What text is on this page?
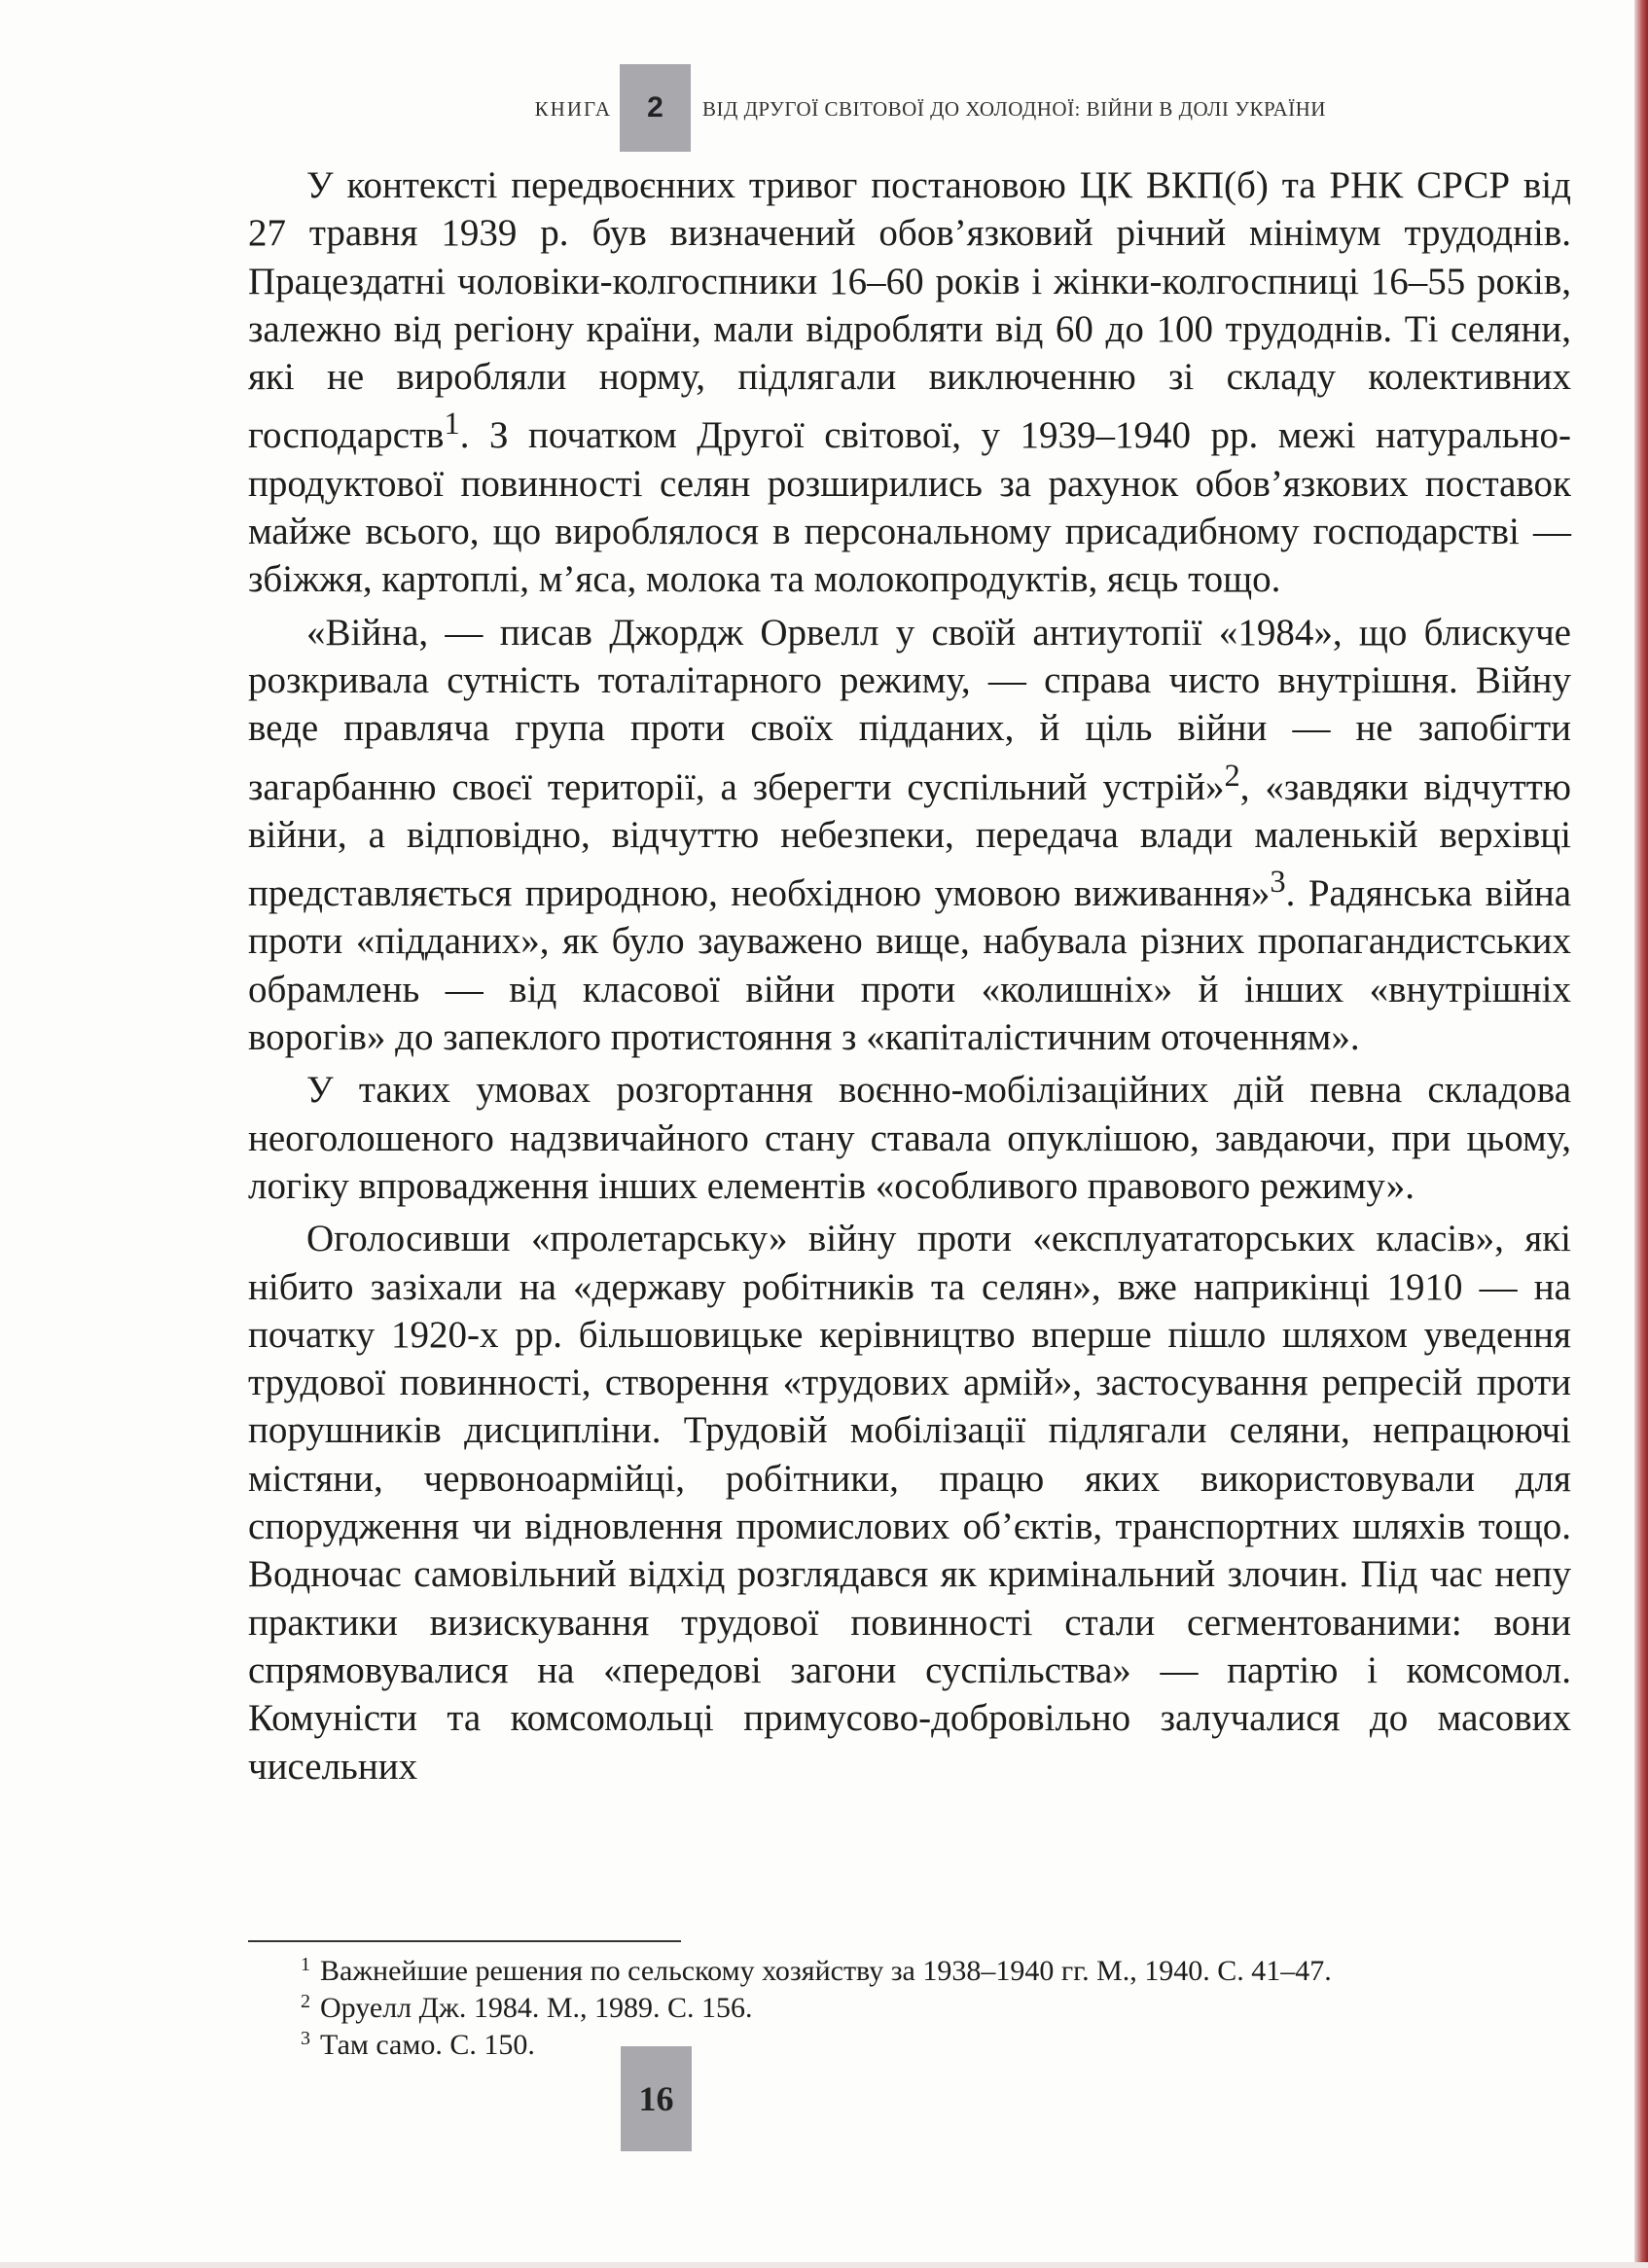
КНИГА	2	ВІД ДРУГОЇ СВІТОВОЇ ДО ХОЛОДНОЇ: ВІЙНИ В ДОЛІ УКРАЇНИ

У контексті передвоєнних тривог постановою ЦК ВКП(б) та РНК СРСР від 27 травня 1939 р. був визначений обов’язковий річний мінімум трудоднів. Працездатні чоловіки-колгоспники 16–60 років і жінки-колгоспниці 16–55 років, залежно від регіону країни, мали відробляти від 60 до 100 трудоднів. Ті селяни, які не виробляли норму, підлягали виключенню зі складу колективних господарств$^1$. З початком Другої світової, у 1939–1940 рр. межі натурально-продуктової повинності селян розширились за рахунок обов’язкових поставок майже всього, що вироблялося в персональному присадибному господарстві — збіжжя, картоплі, м’яса, молока та молокопродуктів, яєць тощо.

«Війна, — писав Джордж Орвелл у своїй антиутопії «1984», що блискуче розкривала сутність тоталітарного режиму, — справа чисто внутрішня. Війну веде правляча група проти своїх підданих, й ціль війни — не запобігти загарбанню своєї території, а зберегти суспільний устрій»$^2$, «завдяки відчуттю війни, а відповідно, відчуттю небезпеки, передача влади маленькій верхівці представляється природною, необхідною умовою виживання»$^3$. Радянська війна проти «підданих», як було зауважено вище, набувала різних пропагандистських обрамлень — від класової війни проти «колишніх» й інших «внутрішніх ворогів» до запеклого протистояння з «капіталістичним оточенням».

У таких умовах розгортання воєнно-мобілізаційних дій певна складова неоголошеного надзвичайного стану ставала опуклішою, завдаючи, при цьому, логіку впровадження інших елементів «особливого правового режиму».

Оголосивши «пролетарську» війну проти «експлуататорських класів», які нібито зазіхали на «державу робітників та селян», вже наприкінці 1910 — на початку 1920-х рр. більшовицьке керівництво вперше пішло шляхом уведення трудової повинності, створення «трудових армій», застосування репресій проти порушників дисципліни. Трудовій мобілізації підлягали селяни, непрацюючі містяни, червоноармійці, робітники, працю яких використовували для спорудження чи відновлення промислових об’єктів, транспортних шляхів тощо. Водночас самовільний відхід розглядався як кримінальний злочин. Під час непу практики визискування трудової повинності стали сегментованими: вони спрямовувалися на «передові загони суспільства» — партію і комсомол. Комуністи та комсомольці примусово-добровільно залучалися до масових чисельних

1 Важнейшие решения по сельскому хозяйству за 1938–1940 гг. М., 1940. С. 41–47.
2 Оруелл Дж. 1984. М., 1989. С. 156.
3 Там само. С. 150.
16
